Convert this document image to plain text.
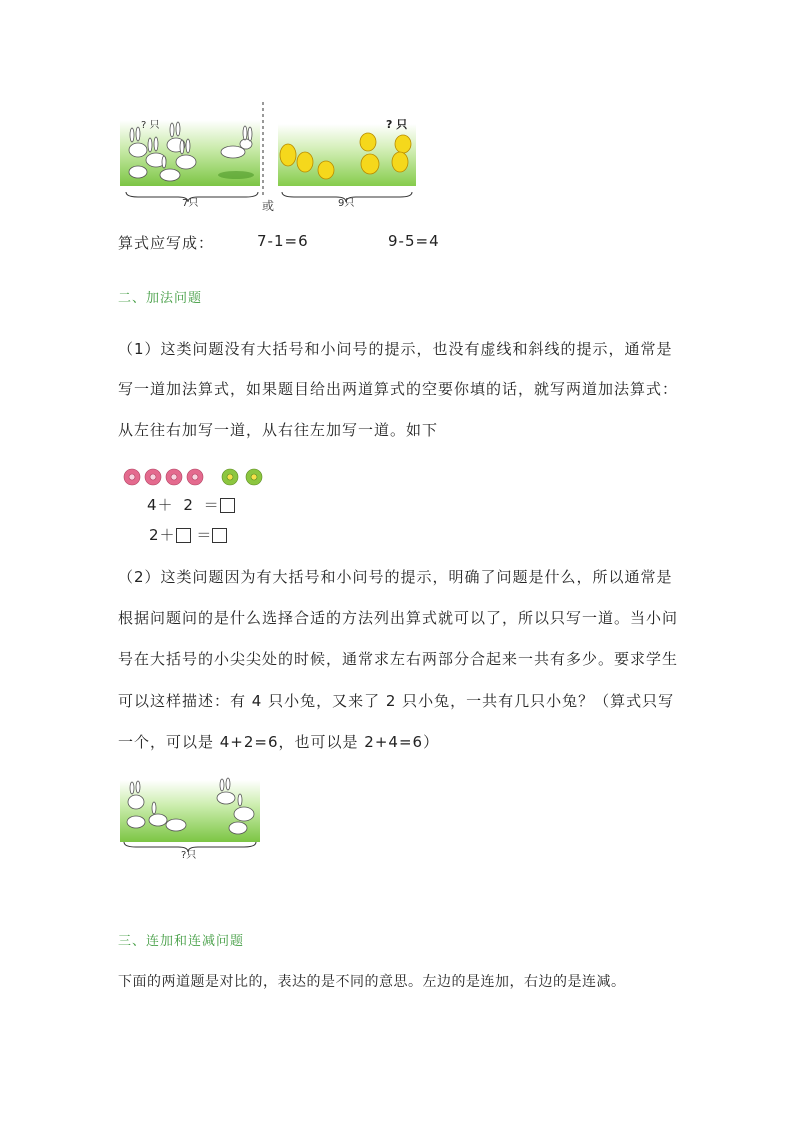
? 只
7只	或
? 只
9只
算式应写成：	7-1=6	9-5=4
二、加法问题
（1）这类问题没有大括号和小问号的提示，也没有虚线和斜线的提示，通常是
写一道加法算式，如果题目给出两道算式的空要你填的话，就写两道加法算式：
从左往右加写一道，从右往左加写一道。如下
4＋ 2 ＝
2＋ ＝
（2）这类问题因为有大括号和小问号的提示，明确了问题是什么，所以通常是
根据问题问的是什么选择合适的方法列出算式就可以了，所以只写一道。当小问
号在大括号的小尖尖处的时候，通常求左右两部分合起来一共有多少。要求学生
可以这样描述：有 4 只小兔，又来了 2 只小兔，一共有几只小兔？（算式只写
一个，可以是 4+2=6，也可以是 2+4=6）
?只
三、连加和连减问题
下面的两道题是对比的，表达的是不同的意思。左边的是连加，右边的是连减。
